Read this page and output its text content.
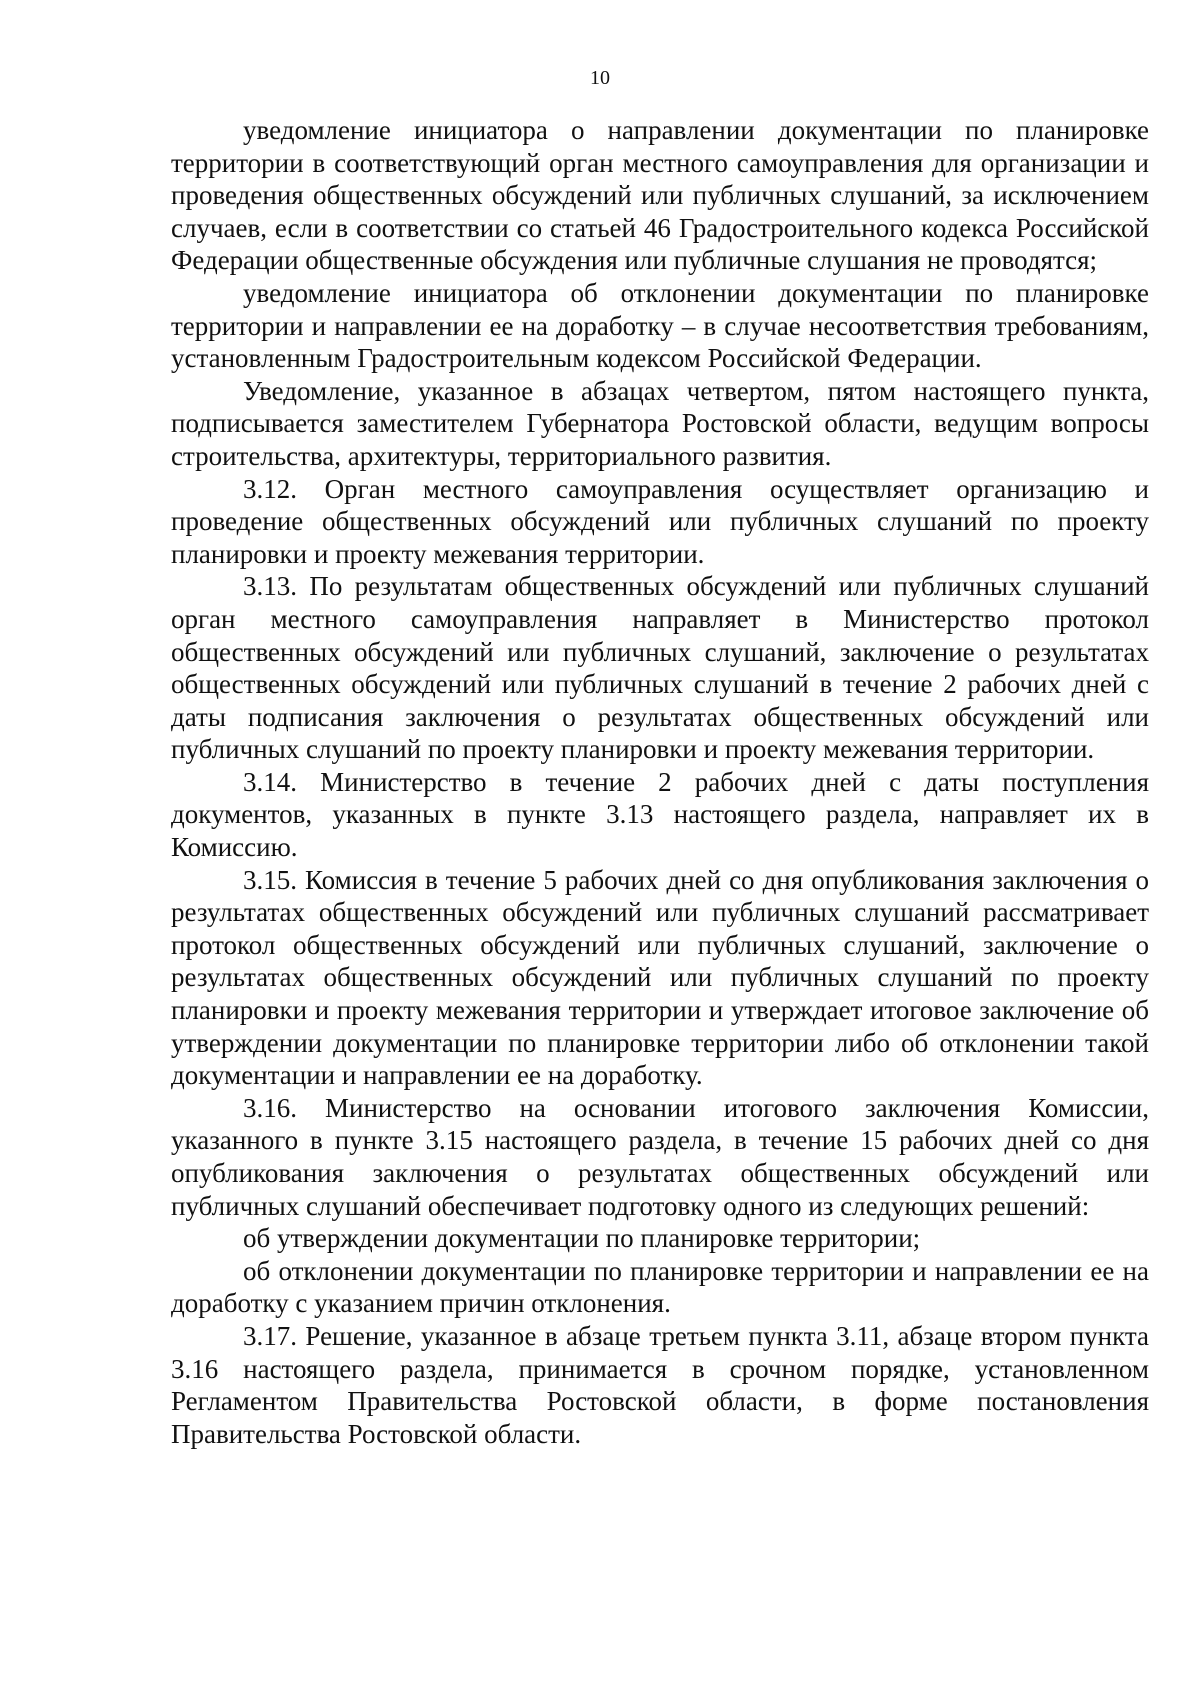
10

уведомление инициатора о направлении документации по планировке территории в соответствующий орган местного самоуправления для организации и проведения общественных обсуждений или публичных слушаний, за исключением случаев, если в соответствии со статьей 46 Градостроительного кодекса Российской Федерации общественные обсуждения или публичные слушания не проводятся;

уведомление инициатора об отклонении документации по планировке территории и направлении ее на доработку – в случае несоответствия требованиям, установленным Градостроительным кодексом Российской Федерации.

Уведомление, указанное в абзацах четвертом, пятом настоящего пункта, подписывается заместителем Губернатора Ростовской области, ведущим вопросы строительства, архитектуры, территориального развития.

3.12. Орган местного самоуправления осуществляет организацию и проведение общественных обсуждений или публичных слушаний по проекту планировки и проекту межевания территории.

3.13. По результатам общественных обсуждений или публичных слушаний орган местного самоуправления направляет в Министерство протокол общественных обсуждений или публичных слушаний, заключение о результатах общественных обсуждений или публичных слушаний в течение 2 рабочих дней с даты подписания заключения о результатах общественных обсуждений или публичных слушаний по проекту планировки и проекту межевания территории.

3.14. Министерство в течение 2 рабочих дней с даты поступления документов, указанных в пункте 3.13 настоящего раздела, направляет их в Комиссию.

3.15. Комиссия в течение 5 рабочих дней со дня опубликования заключения о результатах общественных обсуждений или публичных слушаний рассматривает протокол общественных обсуждений или публичных слушаний, заключение о результатах общественных обсуждений или публичных слушаний по проекту планировки и проекту межевания территории и утверждает итоговое заключение об утверждении документации по планировке территории либо об отклонении такой документации и направлении ее на доработку.

3.16. Министерство на основании итогового заключения Комиссии, указанного в пункте 3.15 настоящего раздела, в течение 15 рабочих дней со дня опубликования заключения о результатах общественных обсуждений или публичных слушаний обеспечивает подготовку одного из следующих решений:

об утверждении документации по планировке территории;

об отклонении документации по планировке территории и направлении ее на доработку с указанием причин отклонения.

3.17. Решение, указанное в абзаце третьем пункта 3.11, абзаце втором пункта 3.16 настоящего раздела, принимается в срочном порядке, установленном Регламентом Правительства Ростовской области, в форме постановления Правительства Ростовской области.
